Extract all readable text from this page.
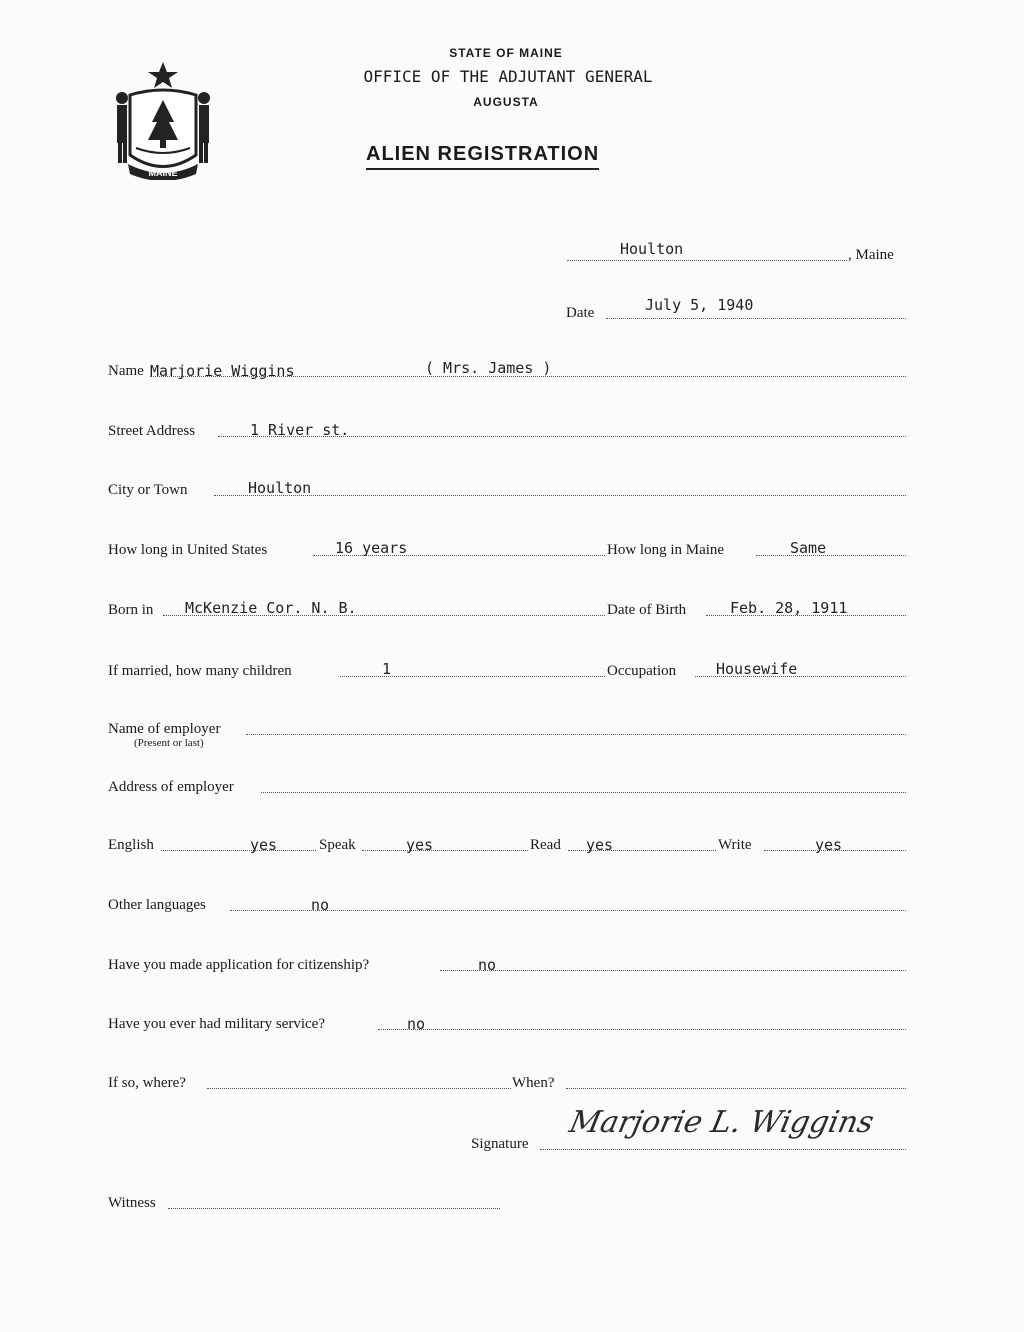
MAINE
STATE OF MAINE
OFFICE OF THE ADJUTANT GENERAL
AUGUSTA
ALIEN REGISTRATION
Houlton	, Maine
Date	July 5, 1940
Name Marjorie Wiggins	( Mrs. James )
Street Address	1 River st.
City or Town	Houlton
How long in United States	16 years	How long in Maine	Same
Born in McKenzie Cor. N. B.	Date of Birth	Feb. 28, 1911
If married, how many children	1	Occupation	Housewife
Name of employer
(Present or last)
Address of employer
English	yes	Speak	yes	Read yes	Write	yes
Other languages	no
Have you made application for citizenship?	no
Have you ever had military service?	no
If so, where?	When?
Signature
Marjorie L. Wiggins
Witness
